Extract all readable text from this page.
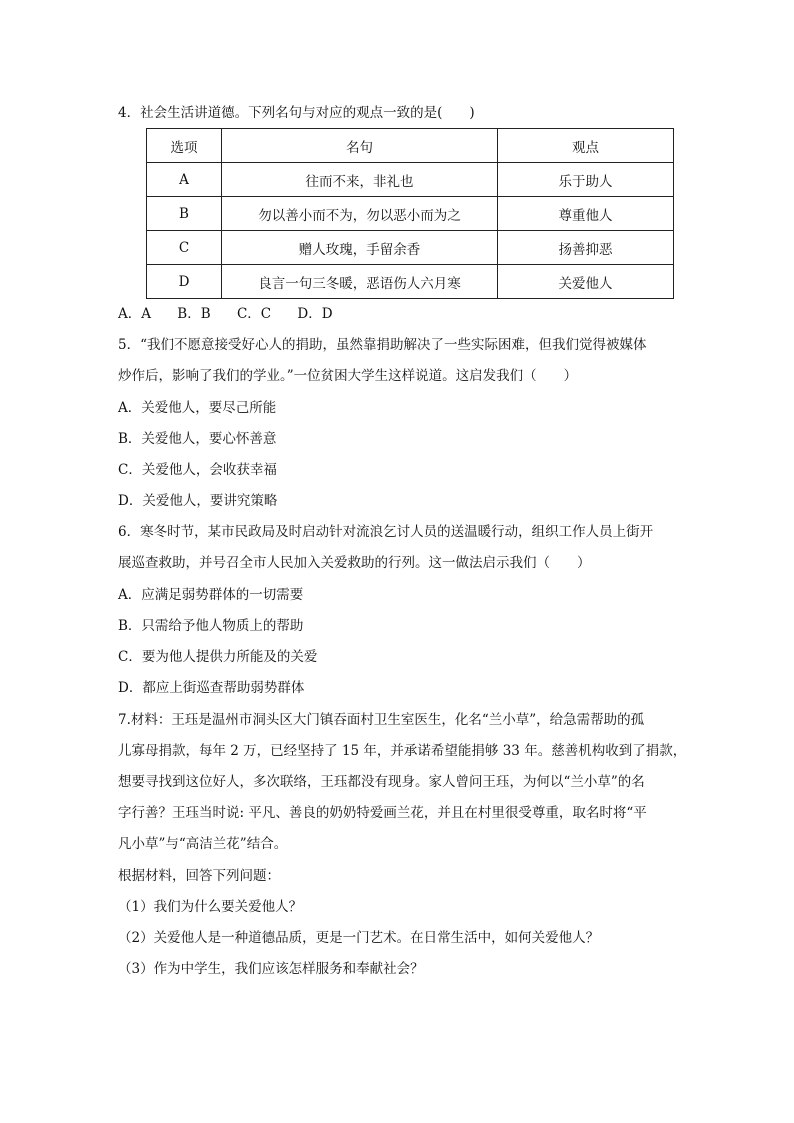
4．社会生活讲道德。下列名句与对应的观点一致的是(　　)
选项	名句	观点
A	往而不来，非礼也	乐于助人
B	勿以善小而不为，勿以恶小而为之	尊重他人
C	赠人玫瑰，手留余香	扬善抑恶
D	良言一句三冬暖，恶语伤人六月寒	关爱他人
A．A B．B C．C D．D
5．“我们不愿意接受好心人的捐助，虽然靠捐助解决了一些实际困难，但我们觉得被媒体
炒作后，影响了我们的学业。”一位贫困大学生这样说道。这启发我们（　　）
A．关爱他人，要尽己所能
B．关爱他人，要心怀善意
C．关爱他人，会收获幸福
D．关爱他人，要讲究策略
6．寒冬时节，某市民政局及时启动针对流浪乞讨人员的送温暖行动，组织工作人员上街开
展巡查救助，并号召全市人民加入关爱救助的行列。这一做法启示我们（　　）
A．应满足弱势群体的一切需要
B．只需给予他人物质上的帮助
C．要为他人提供力所能及的关爱
D．都应上街巡查帮助弱势群体
7.材料：王珏是温州市洞头区大门镇吞面村卫生室医生，化名“兰小草”，给急需帮助的孤
儿寡母捐款，每年 2 万，已经坚持了 15 年，并承诺希望能捐够 33 年。慈善机构收到了捐款，
想要寻找到这位好人，多次联络，王珏都没有现身。家人曾问王珏，为何以“兰小草”的名
字行善？王珏当时说: 平凡、善良的奶奶特爱画兰花，并且在村里很受尊重，取名时将“平
凡小草”与“高洁兰花”结合。
根据材料，回答下列问题：
（1）我们为什么要关爱他人？
（2）关爱他人是一种道德品质，更是一门艺术。在日常生活中，如何关爱他人？
（3）作为中学生，我们应该怎样服务和奉献社会？
